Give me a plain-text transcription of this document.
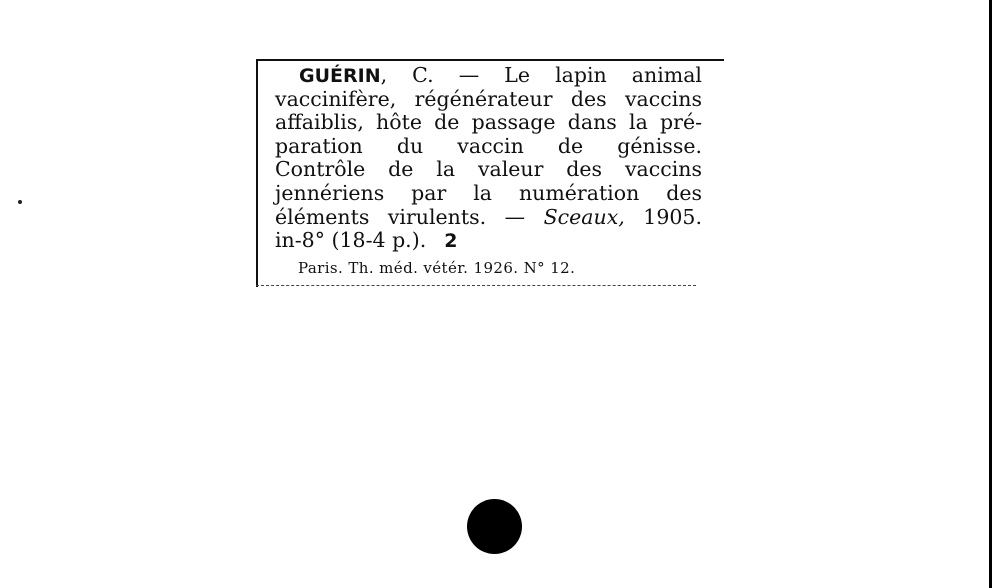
GUÉRIN, C. — Le lapin animal
vaccinifère, régénérateur des vaccins
affaiblis, hôte de passage dans la pré-
paration du vaccin de génisse.
Contrôle de la valeur des vaccins
jennériens par la numération des
éléments virulents. — Sceaux, 1905.
in-8° (18-4 p.). 2
Paris. Th. méd. vétér. 1926. N° 12.
